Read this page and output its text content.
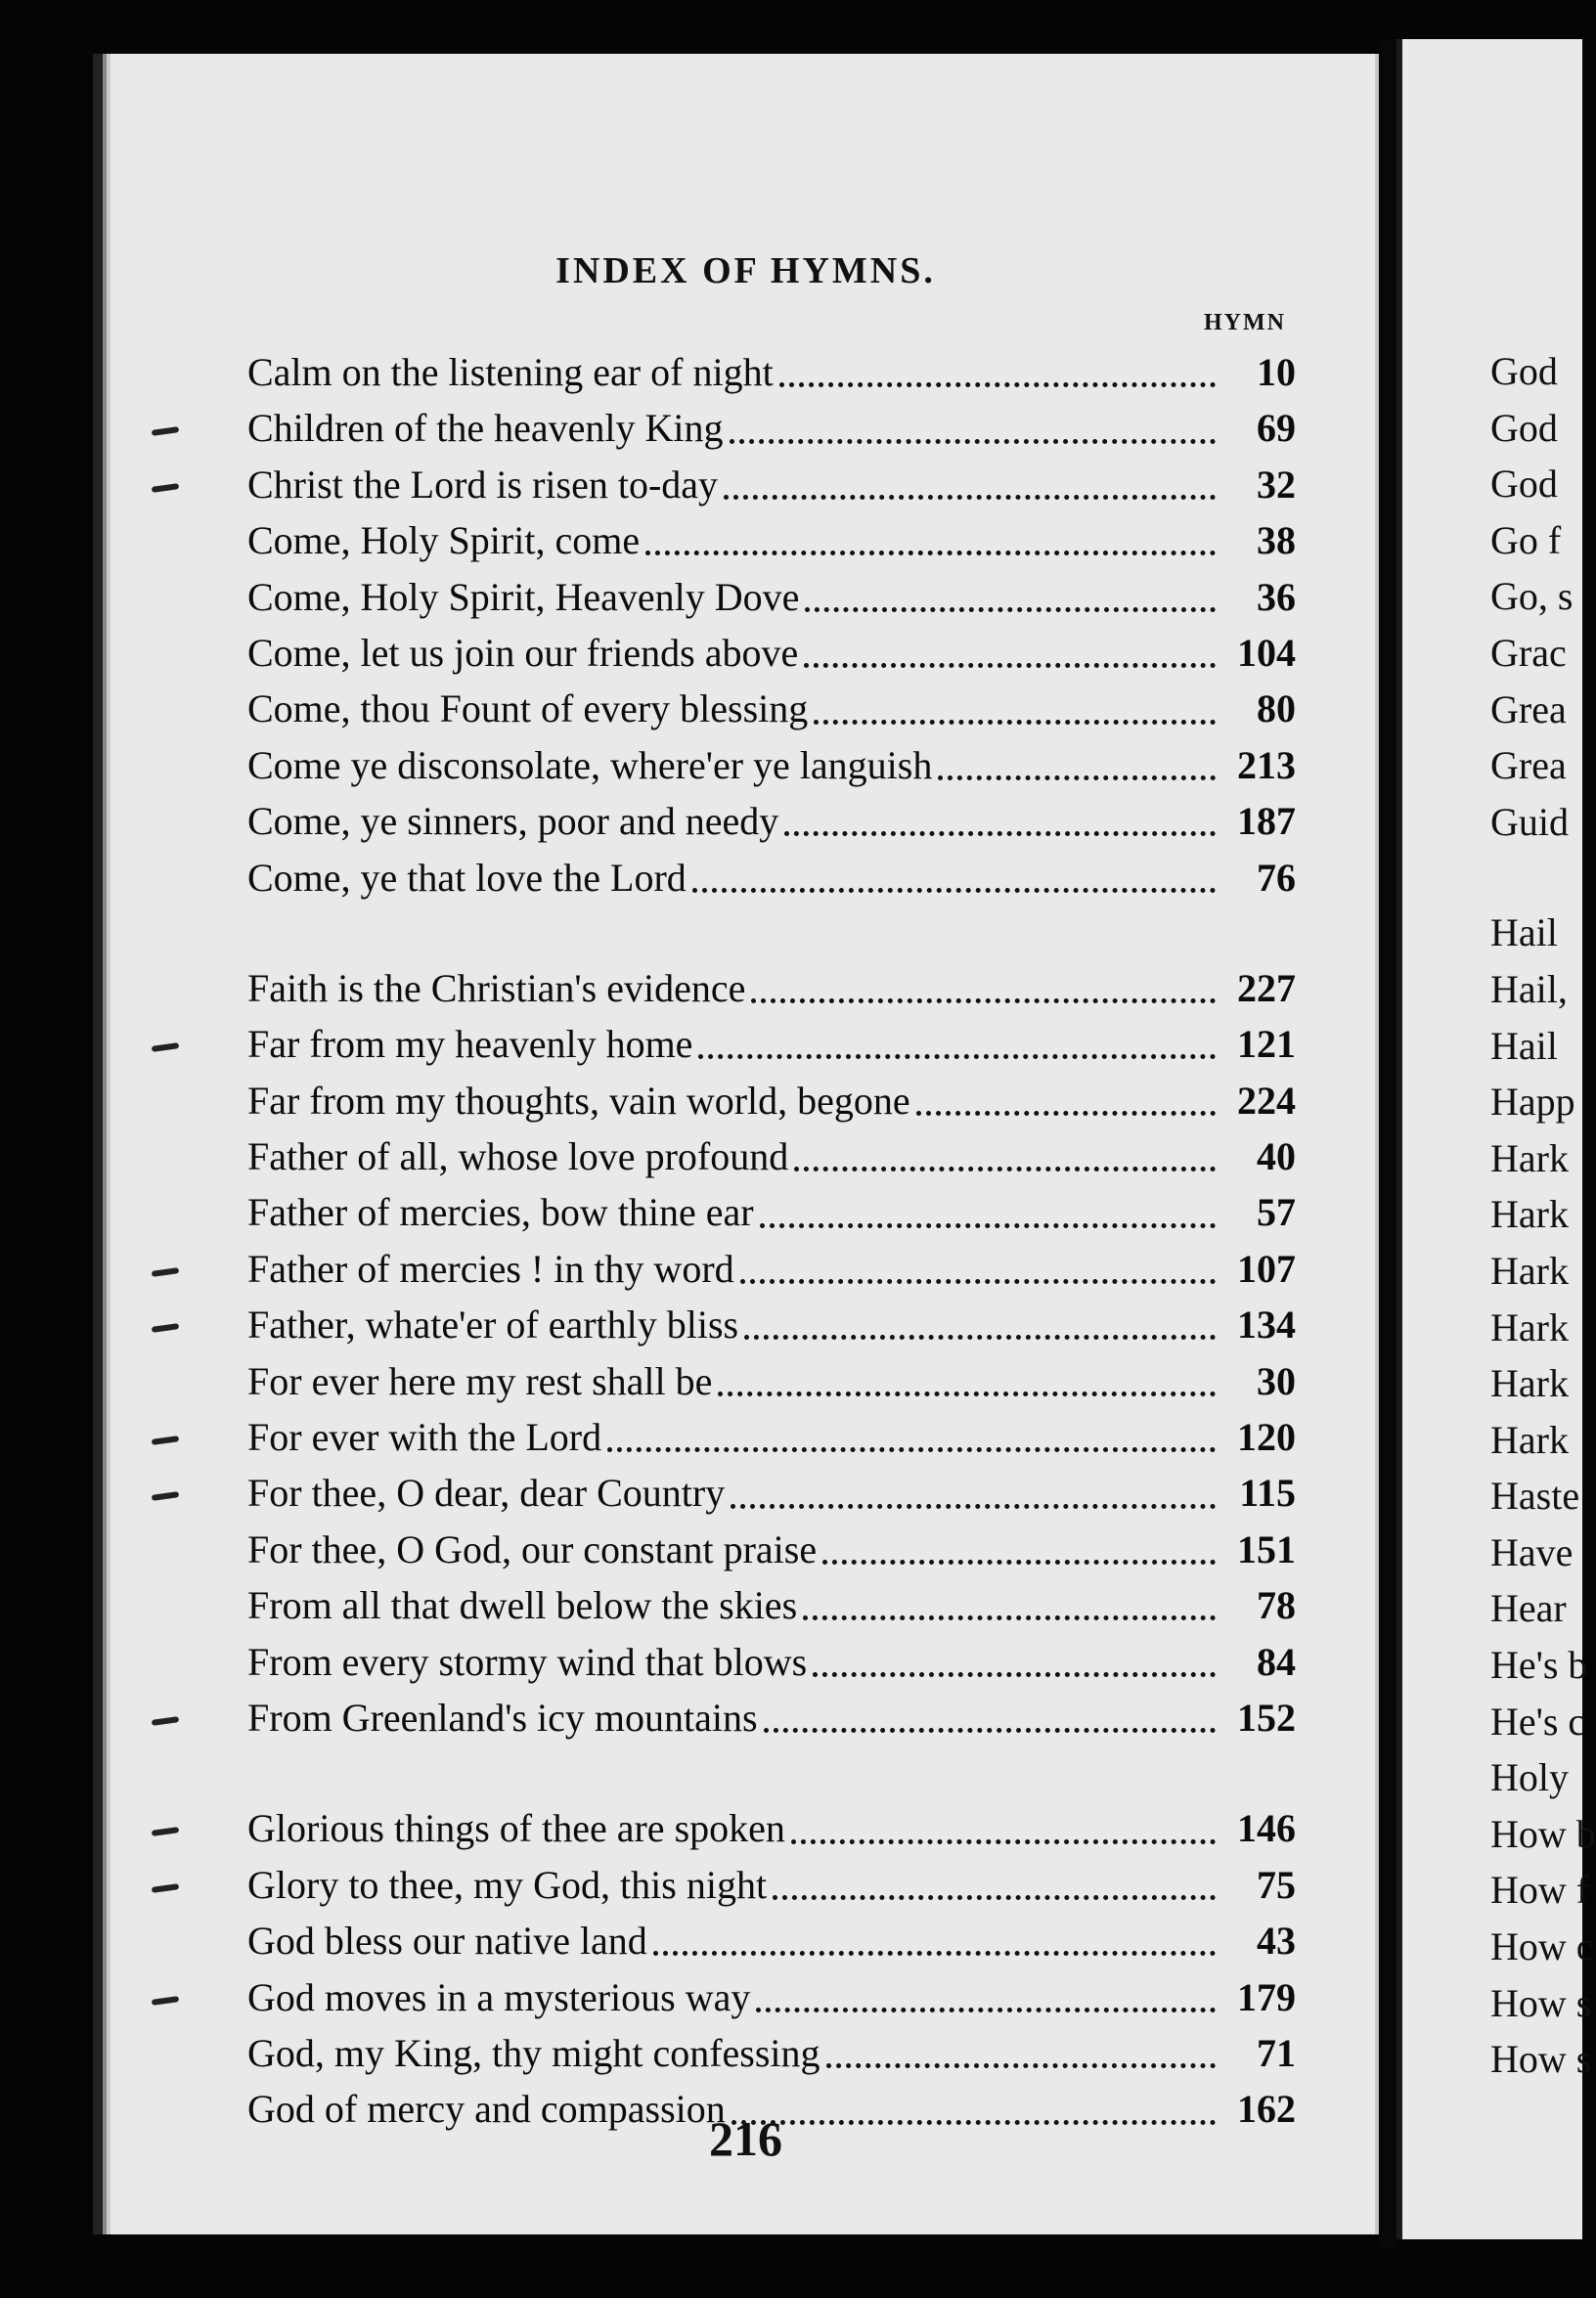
INDEX OF HYMNS.
HYMN
Calm on the listening ear of night	10
Children of the heavenly King	69
Christ the Lord is risen to-day	32
Come, Holy Spirit, come	38
Come, Holy Spirit, Heavenly Dove	36
Come, let us join our friends above	104
Come, thou Fount of every blessing	80
Come ye disconsolate, where'er ye languish	213
Come, ye sinners, poor and needy	187
Come, ye that love the Lord	76
Faith is the Christian's evidence	227
Far from my heavenly home	121
Far from my thoughts, vain world, begone	224
Father of all, whose love profound	40
Father of mercies, bow thine ear	57
Father of mercies ! in thy word	107
Father, whate'er of earthly bliss	134
For ever here my rest shall be	30
For ever with the Lord	120
For thee, O dear, dear Country	115
For thee, O God, our constant praise	151
From all that dwell below the skies	78
From every stormy wind that blows	84
From Greenland's icy mountains	152
Glorious things of thee are spoken	146
Glory to thee, my God, this night	75
God bless our native land	43
God moves in a mysterious way	179
God, my King, thy might confessing	71
God of mercy and compassion	162
216
God
God
God
Go f
Go, s
Grac
Grea
Grea
Guid
Hail
Hail,
Hail
Happ
Hark
Hark
Hark
Hark
Hark
Hark
Haste
Have
Hear
He's b
He's c
Holy
How b
How f
How c
How s
How s
